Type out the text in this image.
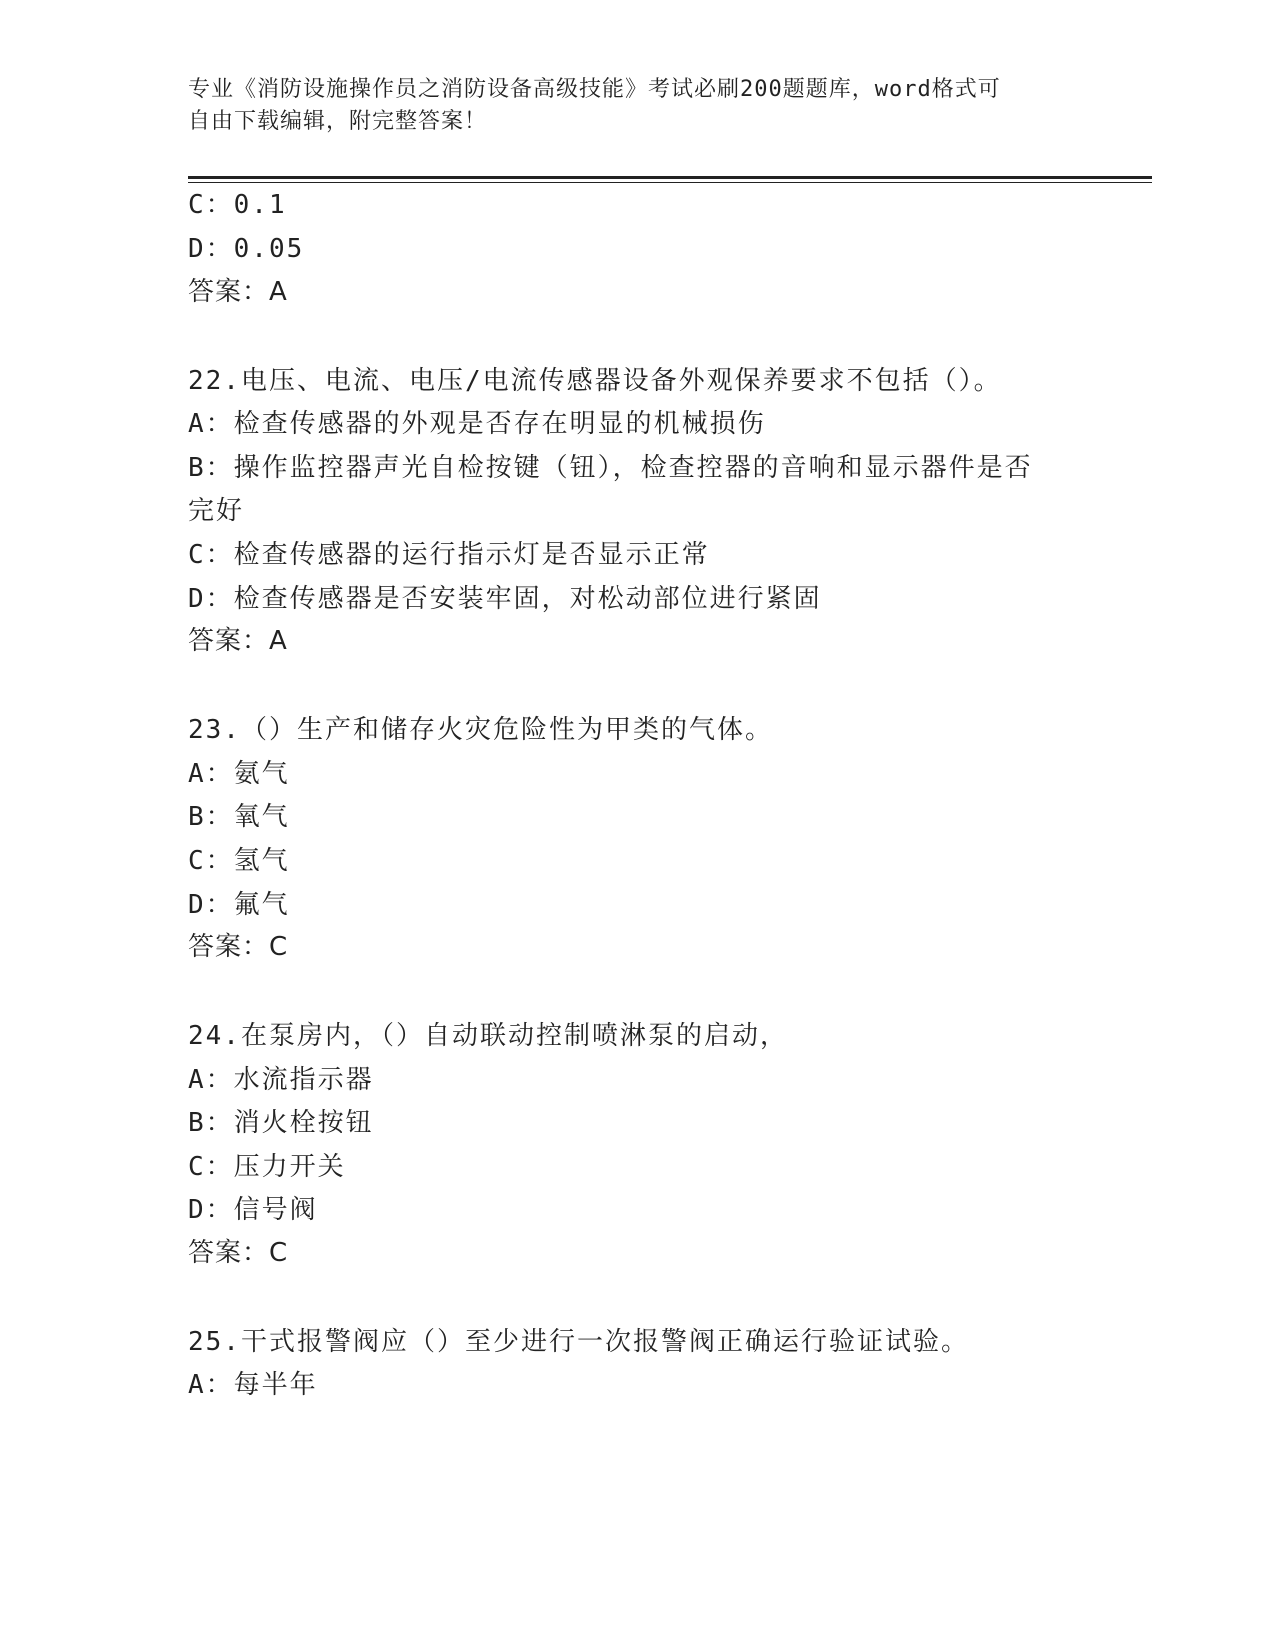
专业《消防设施操作员之消防设备高级技能》考试必刷200题题库，word格式可
自由下载编辑，附完整答案！
C：0.1
D：0.05
答案：A
22.电压、电流、电压/电流传感器设备外观保养要求不包括（）。
A：检查传感器的外观是否存在明显的机械损伤
B：操作监控器声光自检按键（钮），检查控器的音响和显示器件是否
完好
C：检查传感器的运行指示灯是否显示正常
D：检查传感器是否安装牢固，对松动部位进行紧固
答案：A
23.（）生产和储存火灾危险性为甲类的气体。
A：氨气
B：氧气
C：氢气
D：氟气
答案：C
24.在泵房内，（）自动联动控制喷淋泵的启动，
A：水流指示器
B：消火栓按钮
C：压力开关
D：信号阀
答案：C
25.干式报警阀应（）至少进行一次报警阀正确运行验证试验。
A：每半年
